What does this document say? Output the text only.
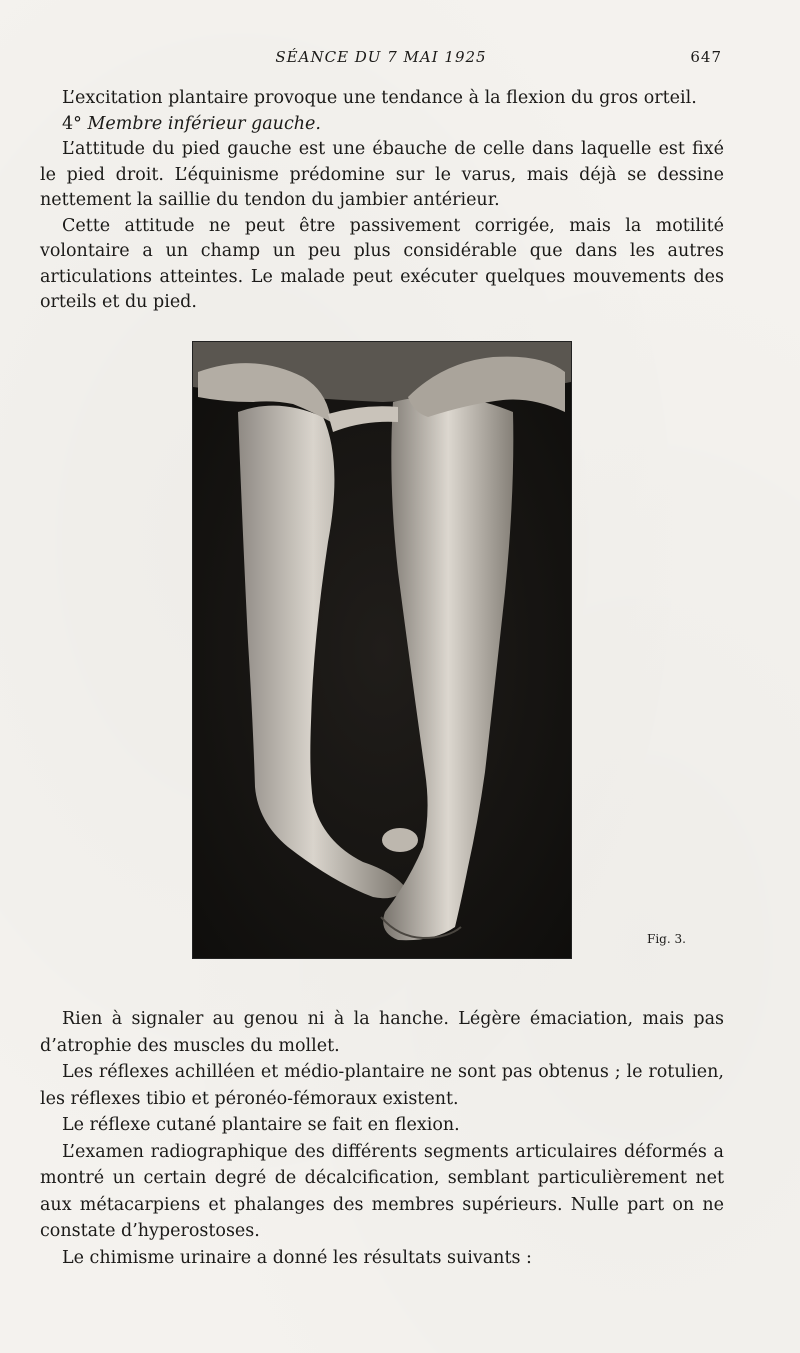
SÉANCE DU 7 MAI 1925	647

L’excitation plantaire provoque une tendance à la flexion du gros orteil.

4° Membre inférieur gauche.

L’attitude du pied gauche est une ébauche de celle dans laquelle est fixé le pied droit. L’équinisme prédomine sur le varus, mais déjà se dessine nettement la saillie du tendon du jambier antérieur.

Cette attitude ne peut être passivement corrigée, mais la motilité volontaire a un champ un peu plus considérable que dans les autres articulations atteintes. Le malade peut exécuter quelques mouvements des orteils et du pied.

Fig. 3.

Rien à signaler au genou ni à la hanche. Légère émaciation, mais pas d’atrophie des muscles du mollet.

Les réflexes achilléen et médio-plantaire ne sont pas obtenus ; le rotulien, les réflexes tibio et péronéo-fémoraux existent.

Le réflexe cutané plantaire se fait en flexion.

L’examen radiographique des différents segments articulaires déformés a montré un certain degré de décalcification, semblant particulièrement net aux métacarpiens et phalanges des membres supérieurs. Nulle part on ne constate d’hyperostoses.

Le chimisme urinaire a donné les résultats suivants :
